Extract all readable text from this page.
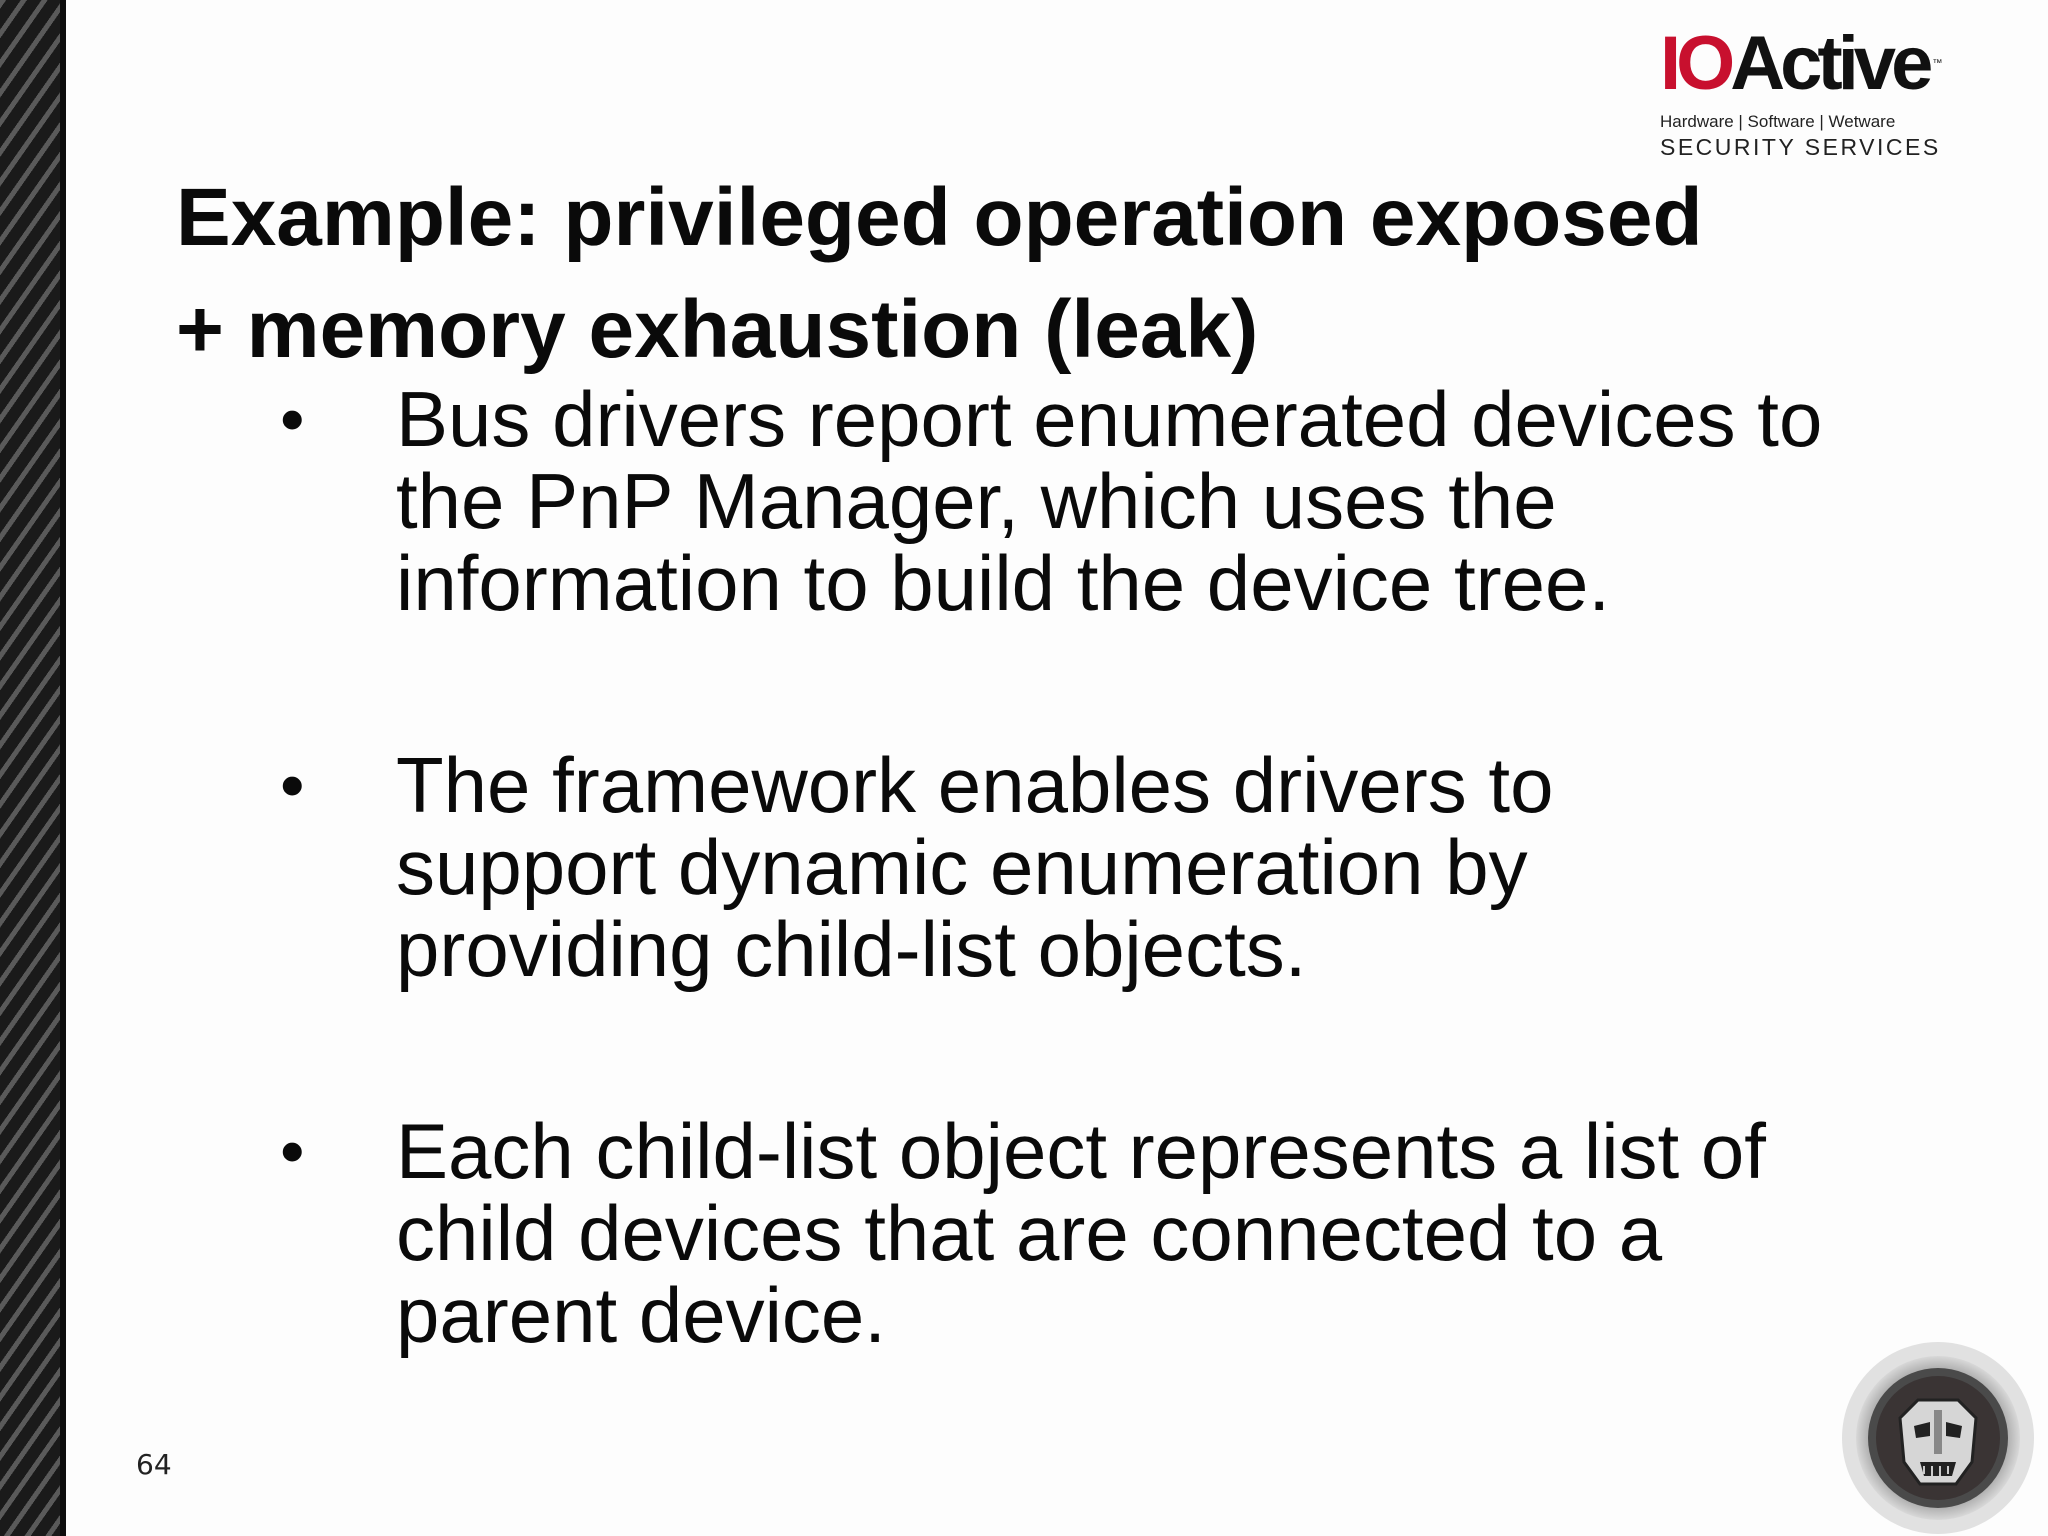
IOActive ™
Hardware | Software | Wetware
SECURITY SERVICES
Example: privileged operation exposed
+ memory exhaustion (leak)
•	Bus drivers report enumerated devices to
the PnP Manager, which uses the
information to build the device tree.
•	The framework enables drivers to
support dynamic enumeration by
providing child-list objects.
•	Each child-list object represents a list of
child devices that are connected to a
parent device.
64
